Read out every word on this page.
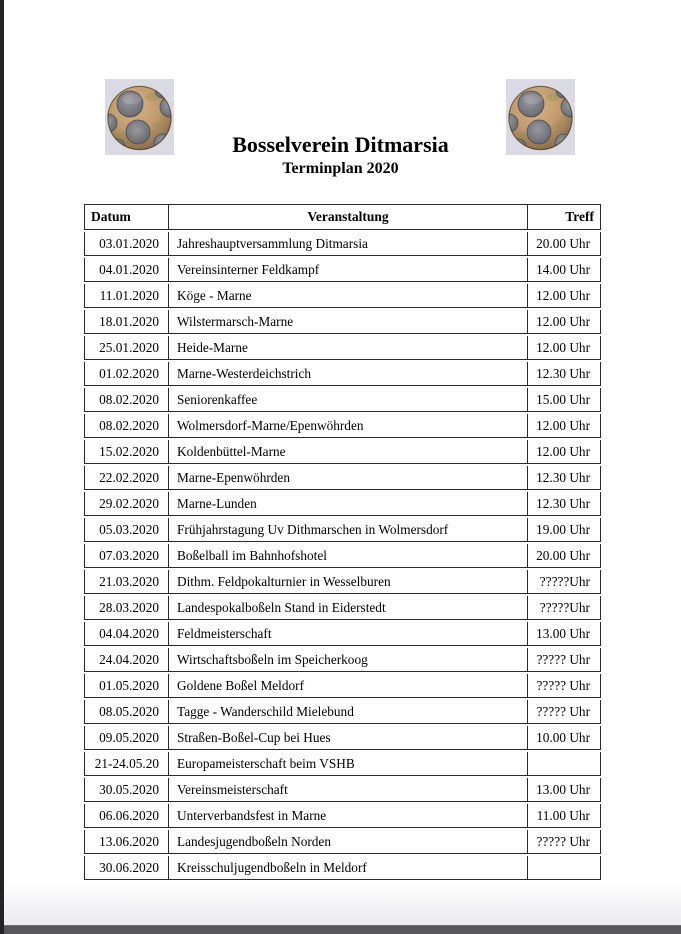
Bosselverein Ditmarsia
Terminplan 2020
Datum	Veranstaltung	Treff
03.01.2020	Jahreshauptversammlung Ditmarsia	20.00 Uhr
04.01.2020	Vereinsinterner Feldkampf	14.00 Uhr
11.01.2020	Köge - Marne	12.00 Uhr
18.01.2020	Wilstermarsch-Marne	12.00 Uhr
25.01.2020	Heide-Marne	12.00 Uhr
01.02.2020	Marne-Westerdeichstrich	12.30 Uhr
08.02.2020	Seniorenkaffee	15.00 Uhr
08.02.2020	Wolmersdorf-Marne/Epenwöhrden	12.00 Uhr
15.02.2020	Koldenbüttel-Marne	12.00 Uhr
22.02.2020	Marne-Epenwöhrden	12.30 Uhr
29.02.2020	Marne-Lunden	12.30 Uhr
05.03.2020	Frühjahrstagung Uv Dithmarschen in Wolmersdorf	19.00 Uhr
07.03.2020	Boßelball im Bahnhofshotel	20.00 Uhr
21.03.2020	Dithm. Feldpokalturnier in Wesselburen	?????Uhr
28.03.2020	Landespokalboßeln Stand in Eiderstedt	?????Uhr
04.04.2020	Feldmeisterschaft	13.00 Uhr
24.04.2020	Wirtschaftsboßeln im Speicherkoog	????? Uhr
01.05.2020	Goldene Boßel Meldorf	????? Uhr
08.05.2020	Tagge - Wanderschild Mielebund	????? Uhr
09.05.2020	Straßen-Boßel-Cup bei Hues	10.00 Uhr
21-24.05.20	Europameisterschaft beim VSHB	
30.05.2020	Vereinsmeisterschaft	13.00 Uhr
06.06.2020	Unterverbandsfest in Marne	11.00 Uhr
13.06.2020	Landesjugendboßeln Norden	????? Uhr
30.06.2020	Kreisschuljugendboßeln in Meldorf	
